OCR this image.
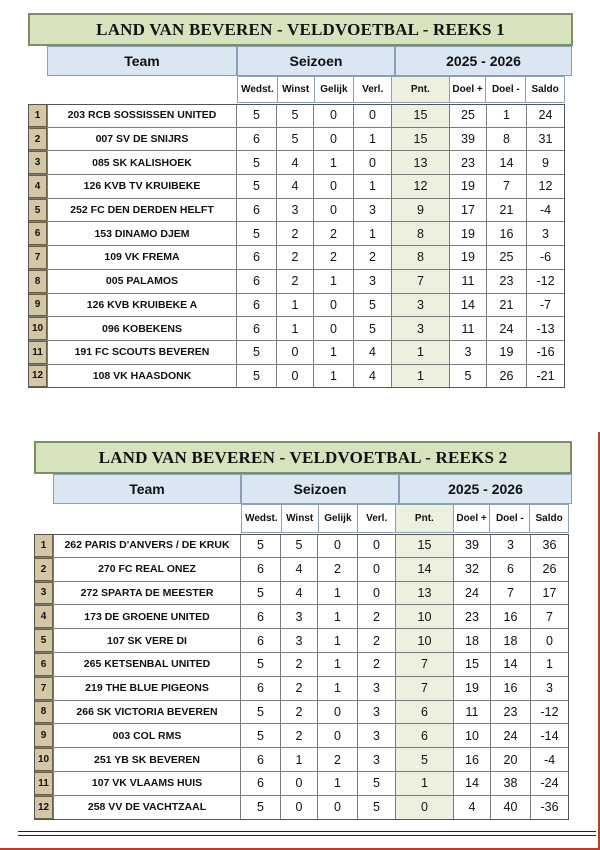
LAND VAN BEVEREN - VELDVOETBAL - REEKS 1
Team	Seizoen	2025 - 2026
Wedst. Winst	Gelijk	Verl.	Pnt.	Doel + Doel -	Saldo
1	203 RCB SOSSISSEN UNITED	5	5	0	0	15	25	1	24
2	007 SV DE SNIJRS	6	5	0	1	15	39	8	31
3	085 SK KALISHOEK	5	4	1	0	13	23	14	9
4	126 KVB TV KRUIBEKE	5	4	0	1	12	19	7	12
5	252 FC DEN DERDEN HELFT	6	3	0	3	9	17	21	-4
6	153 DINAMO DJEM	5	2	2	1	8	19	16	3
7	109 VK FREMA	6	2	2	2	8	19	25	-6
8	005 PALAMOS	6	2	1	3	7	11	23	-12
9	126 KVB KRUIBEKE A	6	1	0	5	3	14	21	-7
10	096 KOBEKENS	6	1	0	5	3	11	24	-13
11	191 FC SCOUTS BEVEREN	5	0	1	4	1	3	19	-16
12	108 VK HAASDONK	5	0	1	4	1	5	26	-21
LAND VAN BEVEREN - VELDVOETBAL - REEKS 2
Team	Seizoen	2025 - 2026
Wedst. Winst	Gelijk	Verl.	Pnt.	Doel + Doel -	Saldo
1	262 PARIS D'ANVERS / DE KRUK	5	5	0	0	15	39	3	36
2	270 FC REAL ONEZ	6	4	2	0	14	32	6	26
3	272 SPARTA DE MEESTER	5	4	1	0	13	24	7	17
4	173 DE GROENE UNITED	6	3	1	2	10	23	16	7
5	107 SK VERE DI	6	3	1	2	10	18	18	0
6	265 KETSENBAL UNITED	5	2	1	2	7	15	14	1
7	219 THE BLUE PIGEONS	6	2	1	3	7	19	16	3
8	266 SK VICTORIA BEVEREN	5	2	0	3	6	11	23	-12
9	003 COL RMS	5	2	0	3	6	10	24	-14
10	251 YB SK BEVEREN	6	1	2	3	5	16	20	-4
11	107 VK VLAAMS HUIS	6	0	1	5	1	14	38	-24
12	258 VV DE VACHTZAAL	5	0	0	5	0	4	40	-36
